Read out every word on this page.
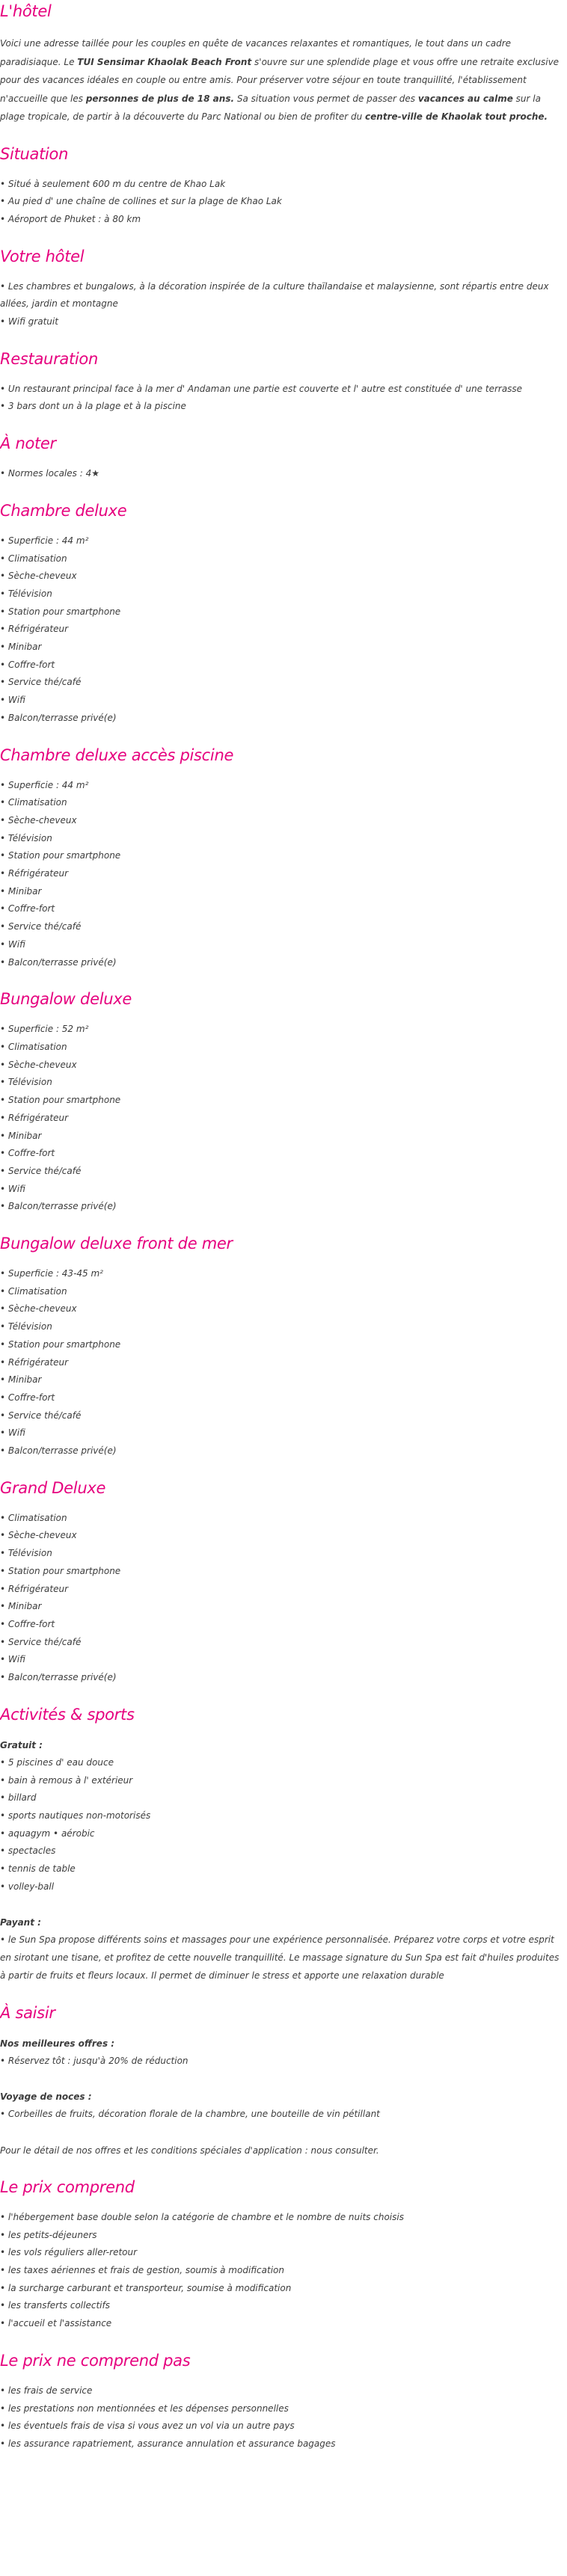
L'hôtel

Voici une adresse taillée pour les couples en quête de vacances relaxantes et romantiques, le tout dans un cadre paradisiaque. Le TUI Sensimar Khaolak Beach Front s'ouvre sur une splendide plage et vous offre une retraite exclusive pour des vacances idéales en couple ou entre amis. Pour préserver votre séjour en toute tranquillité, l'établissement n'accueille que les personnes de plus de 18 ans. Sa situation vous permet de passer des vacances au calme sur la plage tropicale, de partir à la découverte du Parc National ou bien de profiter du centre-ville de Khaolak tout proche.

Situation
• Situé à seulement 600 m du centre de Khao Lak
• Au pied d' une chaîne de collines et sur la plage de Khao Lak
• Aéroport de Phuket : à 80 km
Votre hôtel
• Les chambres et bungalows, à la décoration inspirée de la culture thaïlandaise et malaysienne, sont répartis entre deux allées, jardin et montagne
• Wifi gratuit
Restauration
• Un restaurant principal face à la mer d' Andaman une partie est couverte et l' autre est constituée d' une terrasse
• 3 bars dont un à la plage et à la piscine
À noter
• Normes locales : 4★
Chambre deluxe
• Superficie : 44 m²
• Climatisation
• Sèche-cheveux
• Télévision
• Station pour smartphone
• Réfrigérateur
• Minibar
• Coffre-fort
• Service thé/café
• Wifi
• Balcon/terrasse privé(e)
Chambre deluxe accès piscine
• Superficie : 44 m²
• Climatisation
• Sèche-cheveux
• Télévision
• Station pour smartphone
• Réfrigérateur
• Minibar
• Coffre-fort
• Service thé/café
• Wifi
• Balcon/terrasse privé(e)
Bungalow deluxe
• Superficie : 52 m²
• Climatisation
• Sèche-cheveux
• Télévision
• Station pour smartphone
• Réfrigérateur
• Minibar
• Coffre-fort
• Service thé/café
• Wifi
• Balcon/terrasse privé(e)
Bungalow deluxe front de mer
• Superficie : 43-45 m²
• Climatisation
• Sèche-cheveux
• Télévision
• Station pour smartphone
• Réfrigérateur
• Minibar
• Coffre-fort
• Service thé/café
• Wifi
• Balcon/terrasse privé(e)
Grand Deluxe
• Climatisation
• Sèche-cheveux
• Télévision
• Station pour smartphone
• Réfrigérateur
• Minibar
• Coffre-fort
• Service thé/café
• Wifi
• Balcon/terrasse privé(e)
Activités & sports

Gratuit :

• 5 piscines d' eau douce
• bain à remous à l' extérieur
• billard
• sports nautiques non-motorisés
• aquagym • aérobic
• spectacles
• tennis de table
• volley-ball

Payant :

• le Sun Spa propose différents soins et massages pour une expérience personnalisée. Préparez votre corps et votre esprit en sirotant une tisane, et profitez de cette nouvelle tranquillité. Le massage signature du Sun Spa est fait d'huiles produites à partir de fruits et fleurs locaux. Il permet de diminuer le stress et apporte une relaxation durable
À saisir

Nos meilleures offres :

• Réservez tôt : jusqu'à 20% de réduction

Voyage de noces :

• Corbeilles de fruits, décoration florale de la chambre, une bouteille de vin pétillant

Pour le détail de nos offres et les conditions spéciales d'application : nous consulter.

Le prix comprend
• l'hébergement base double selon la catégorie de chambre et le nombre de nuits choisis
• les petits-déjeuners
• les vols réguliers aller-retour
• les taxes aériennes et frais de gestion, soumis à modification
• la surcharge carburant et transporteur, soumise à modification
• les transferts collectifs
• l'accueil et l'assistance
Le prix ne comprend pas
• les frais de service
• les prestations non mentionnées et les dépenses personnelles
• les éventuels frais de visa si vous avez un vol via un autre pays
• les assurance rapatriement, assurance annulation et assurance bagages
